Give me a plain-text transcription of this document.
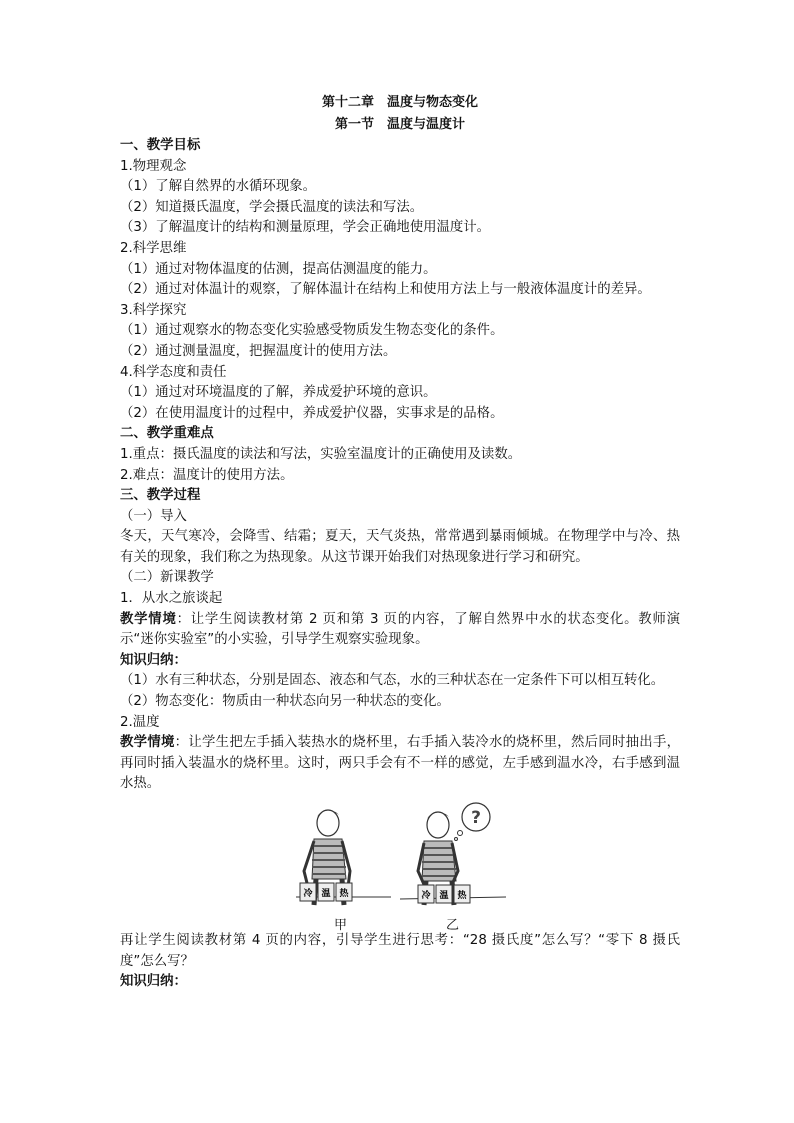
第十二章　温度与物态变化
第一节　温度与温度计
一、教学目标
1.物理观念
（1）了解自然界的水循环现象。
（2）知道摄氏温度，学会摄氏温度的读法和写法。
（3）了解温度计的结构和测量原理，学会正确地使用温度计。
2.科学思维
（1）通过对物体温度的估测，提高估测温度的能力。
（2）通过对体温计的观察，了解体温计在结构上和使用方法上与一般液体温度计的差异。
3.科学探究
（1）通过观察水的物态变化实验感受物质发生物态变化的条件。
（2）通过测量温度，把握温度计的使用方法。
4.科学态度和责任
（1）通过对环境温度的了解，养成爱护环境的意识。
（2）在使用温度计的过程中，养成爱护仪器，实事求是的品格。
二、教学重难点
1.重点：摄氏温度的读法和写法，实验室温度计的正确使用及读数。
2.难点：温度计的使用方法。
三、教学过程
（一）导入
冬天，天气寒冷，会降雪、结霜；夏天，天气炎热，常常遇到暴雨倾城。在物理学中与冷、热有关的现象，我们称之为热现象。从这节课开始我们对热现象进行学习和研究。
（二）新课教学
1．从水之旅谈起
教学情境：让学生阅读教材第 2 页和第 3 页的内容，了解自然界中水的状态变化。教师演示“迷你实验室”的小实验，引导学生观察实验现象。
知识归纳：
（1）水有三种状态，分别是固态、液态和气态，水的三种状态在一定条件下可以相互转化。
（2）物态变化：物质由一种状态向另一种状态的变化。
2.温度
教学情境：让学生把左手插入装热水的烧杯里，右手插入装冷水的烧杯里，然后同时抽出手，再同时插入装温水的烧杯里。这时，两只手会有不一样的感觉，左手感到温水冷，右手感到温水热。
冷 温 热
?
冷 温 热
甲	乙
再让学生阅读教材第 4 页的内容，引导学生进行思考：“28 摄氏度”怎么写？“零下 8 摄氏度”怎么写？
知识归纳：
